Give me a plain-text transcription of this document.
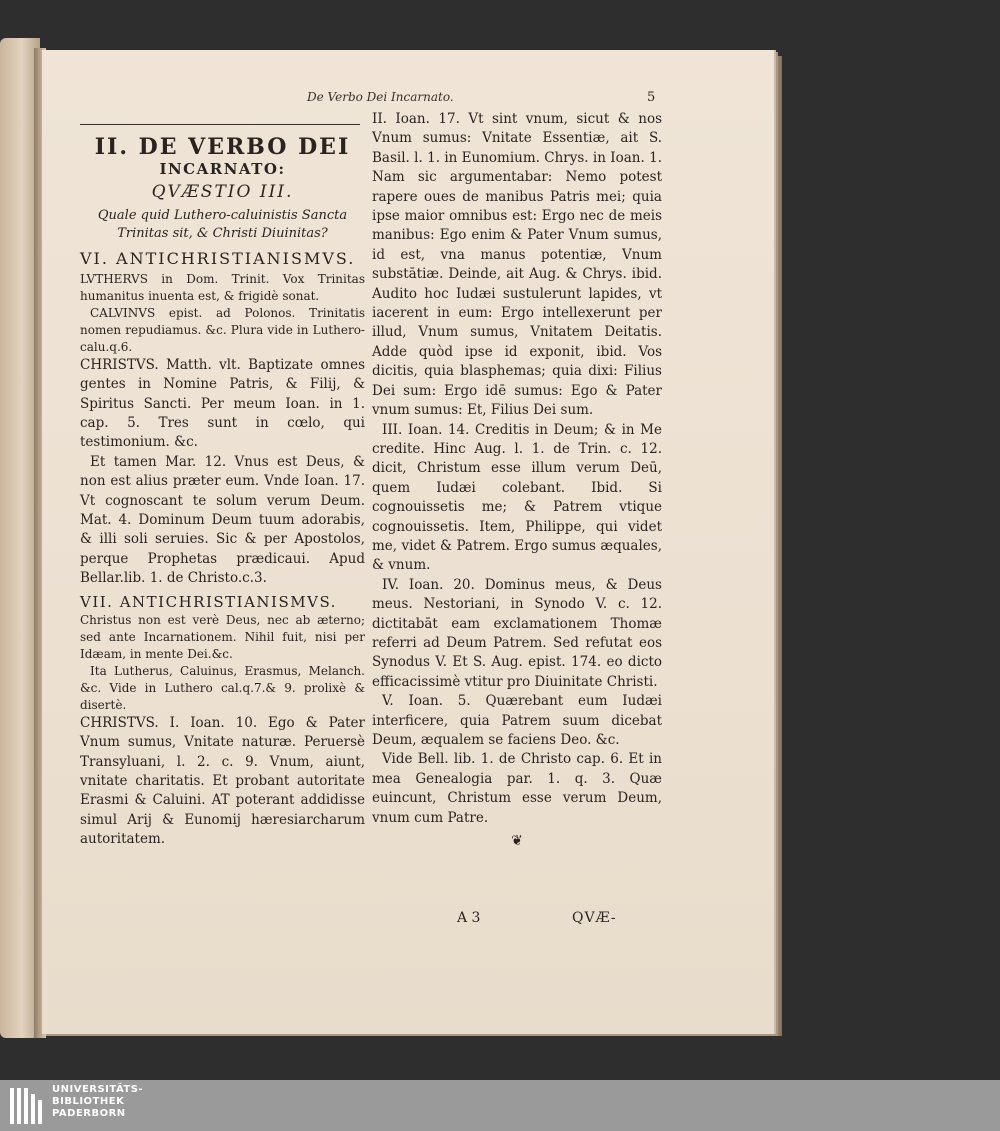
De Verbo Dei Incarnato.	5
II. DE VERBO DEI
INCARNATO:
QVÆSTIO III.
Quale quid Luthero-caluinistis Sancta Trinitas sit, & Christi Diuinitas?
VI. ANTICHRISTIANISMVS.

LVTHERVS in Dom. Trinit. Vox Trinitas humanitus inuenta est, & frigidè sonat.

CALVINVS epist. ad Polonos. Trinitatis nomen repudiamus. &c. Plura vide in Luthero-calu.q.6.

CHRISTVS. Matth. vlt. Baptizate omnes gentes in Nomine Patris, & Filij, & Spiritus Sancti. Per meum Ioan. in 1. cap. 5. Tres sunt in cœlo, qui testimonium. &c.

Et tamen Mar. 12. Vnus est Deus, & non est alius præter eum. Vnde Ioan. 17. Vt cognoscant te solum verum Deum. Mat. 4. Dominum Deum tuum adorabis, & illi soli seruies. Sic & per Apostolos, perque Prophetas prædicaui. Apud Bellar.lib. 1. de Christo.c.3.

VII. ANTICHRISTIANISMVS.

Christus non est verè Deus, nec ab æterno; sed ante Incarnationem. Nihil fuit, nisi per Idæam, in mente Dei.&c.

Ita Lutherus, Caluinus, Erasmus, Melanch. &c. Vide in Luthero cal.q.7.& 9. prolixè & disertè.

CHRISTVS. I. Ioan. 10. Ego & Pater Vnum sumus, Vnitate naturæ. Peruersè Transyluani, l. 2. c. 9. Vnum, aiunt, vnitate charitatis. Et probant autoritate Erasmi & Caluini. AT poterant addidisse simul Arij & Eunomij hæresiarcharum autoritatem.

II. Ioan. 17. Vt sint vnum, sicut & nos Vnum sumus: Vnitate Essentiæ, ait S. Basil. l. 1. in Eunomium. Chrys. in Ioan. 1. Nam sic argumentabar: Nemo potest rapere oues de manibus Patris mei; quia ipse maior omnibus est: Ergo nec de meis manibus: Ego enim & Pater Vnum sumus, id est, vna manus potentiæ, Vnum substātiæ. Deinde, ait Aug. & Chrys. ibid. Audito hoc Iudæi sustulerunt lapides, vt iacerent in eum: Ergo intellexerunt per illud, Vnum sumus, Vnitatem Deitatis. Adde quòd ipse id exponit, ibid. Vos dicitis, quia blasphemas; quia dixi: Filius Dei sum: Ergo idē sumus: Ego & Pater vnum sumus: Et, Filius Dei sum.

III. Ioan. 14. Creditis in Deum; & in Me credite. Hinc Aug. l. 1. de Trin. c. 12. dicit, Christum esse illum verum Deū, quem Iudæi colebant. Ibid. Si cognouissetis me; & Patrem vtique cognouissetis. Item, Philippe, qui videt me, videt & Patrem. Ergo sumus æquales, & vnum.

IV. Ioan. 20. Dominus meus, & Deus meus. Nestoriani, in Synodo V. c. 12. dictitabāt eam exclamationem Thomæ referri ad Deum Patrem. Sed refutat eos Synodus V. Et S. Aug. epist. 174. eo dicto efficacissimè vtitur pro Diuinitate Christi.

V. Ioan. 5. Quærebant eum Iudæi interficere, quia Patrem suum dicebat Deum, æqualem se faciens Deo. &c.

Vide Bell. lib. 1. de Christo cap. 6. Et in mea Genealogia par. 1. q. 3. Quæ euincunt, Christum esse verum Deum, vnum cum Patre.

❦
A 3	QVÆ-
UNIVERSITÄTS-
BIBLIOTHEK
PADERBORN
